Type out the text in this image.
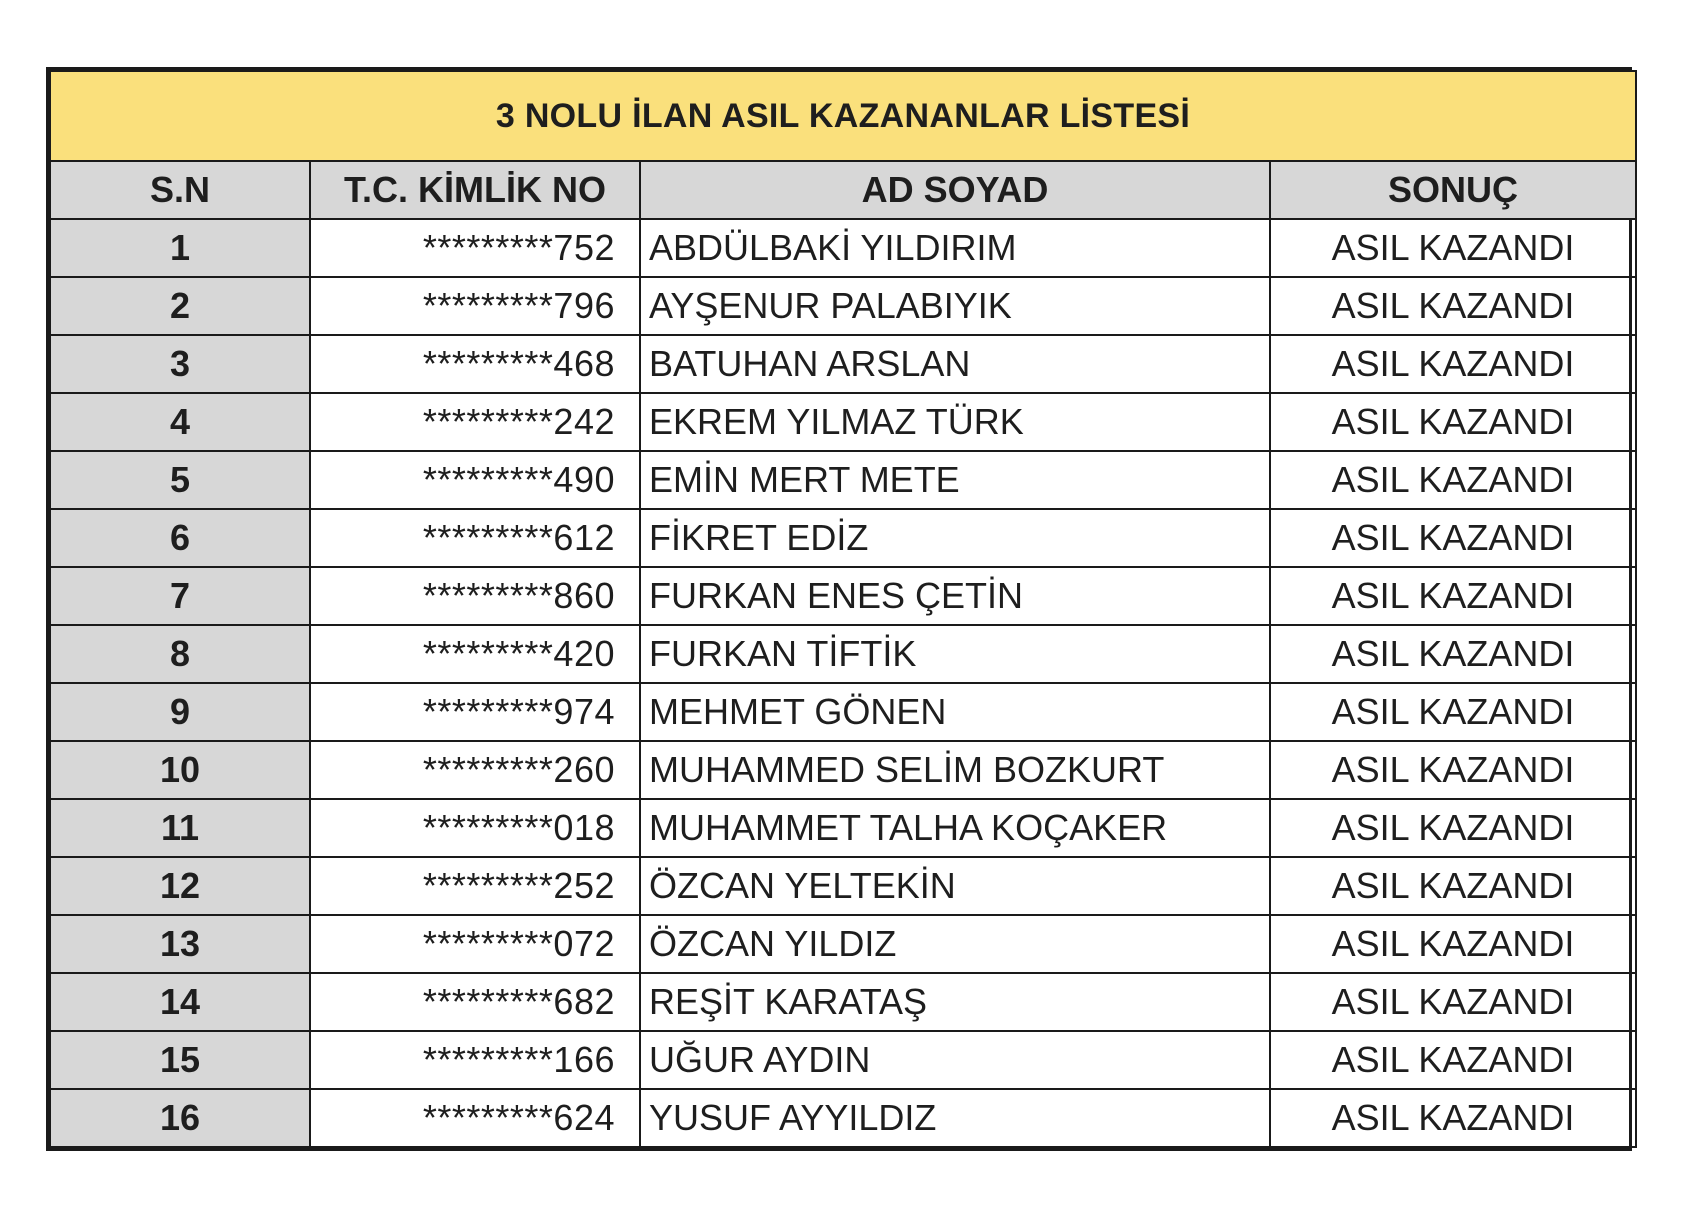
3 NOLU İLAN ASIL KAZANANLAR LİSTESİ			
S.N	T.C. KİMLİK NO	AD SOYAD	SONUÇ
1	*********752	ABDÜLBAKİ YILDIRIM	ASIL KAZANDI
2	*********796	AYŞENUR PALABIYIK	ASIL KAZANDI
3	*********468	BATUHAN ARSLAN	ASIL KAZANDI
4	*********242	EKREM YILMAZ TÜRK	ASIL KAZANDI
5	*********490	EMİN MERT METE	ASIL KAZANDI
6	*********612	FİKRET EDİZ	ASIL KAZANDI
7	*********860	FURKAN ENES ÇETİN	ASIL KAZANDI
8	*********420	FURKAN TİFTİK	ASIL KAZANDI
9	*********974	MEHMET GÖNEN	ASIL KAZANDI
10	*********260	MUHAMMED SELİM BOZKURT	ASIL KAZANDI
11	*********018	MUHAMMET TALHA KOÇAKER	ASIL KAZANDI
12	*********252	ÖZCAN YELTEKİN	ASIL KAZANDI
13	*********072	ÖZCAN YILDIZ	ASIL KAZANDI
14	*********682	REŞİT KARATAŞ	ASIL KAZANDI
15	*********166	UĞUR AYDIN	ASIL KAZANDI
16	*********624	YUSUF AYYILDIZ	ASIL KAZANDI
